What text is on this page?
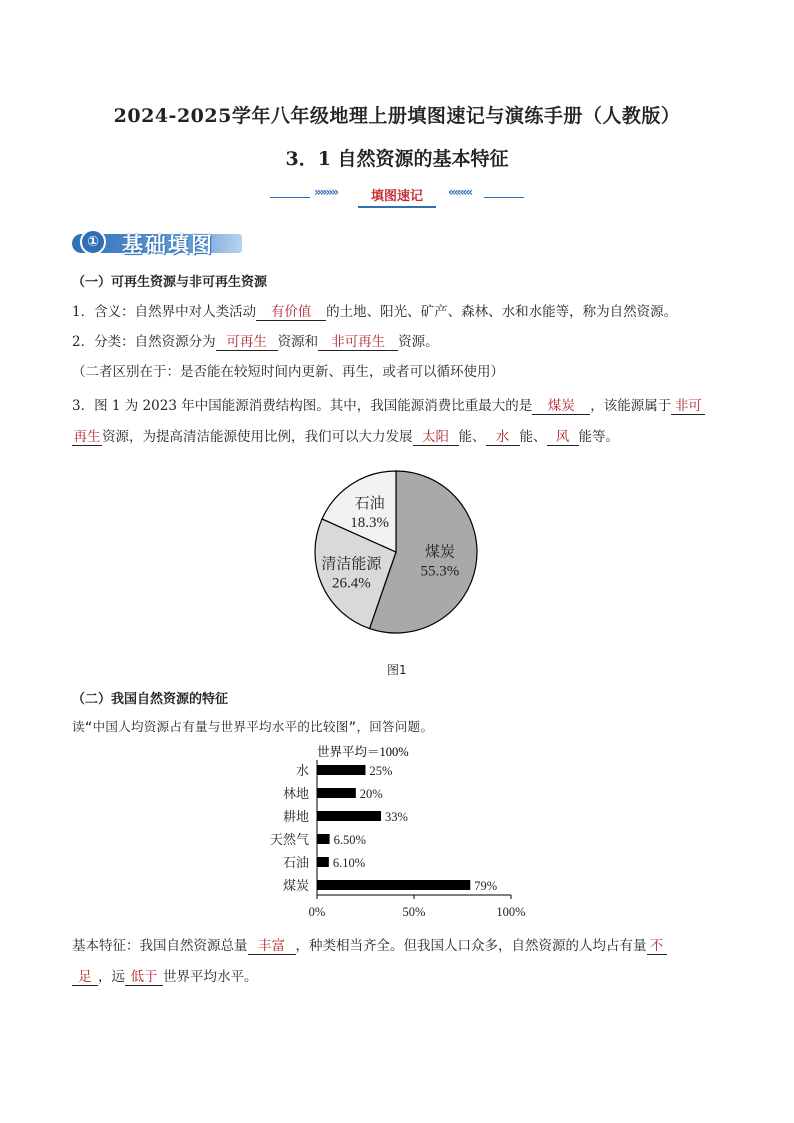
2024-2025学年八年级地理上册填图速记与演练手册（人教版）
3．1 自然资源的基本特征
»»»»	填图速记	««««
①	基础填图
（一）可再生资源与非可再生资源
1．含义：自然界中对人类活动 有价值 的土地、阳光、矿产、森林、水和水能等，称为自然资源。
2．分类：自然资源分为 可再生 资源和 非可再生 资源。
（二者区别在于：是否能在较短时间内更新、再生，或者可以循环使用）
3．图 1 为 2023 年中国能源消费结构图。其中，我国能源消费比重最大的是 煤炭 ，该能源属于 非可
再生 资源，为提高清洁能源使用比例，我们可以大力发展 太阳 能、 水 能、 风 能等。
煤炭
55.3%
清洁能源
26.4%
石油
18.3%
图1
（二）我国自然资源的特征
读“中国人均资源占有量与世界平均水平的比较图”，回答问题。
世界平均＝100%
水	25%
林地	20%
耕地	33%
天然气 6.50%
石油 6.10%
煤炭	79%
0%	50%	100%
基本特征：我国自然资源总量 丰富 ，种类相当齐全。但我国人口众多，自然资源的人均占有量 不
足 ，远 低于 世界平均水平。
